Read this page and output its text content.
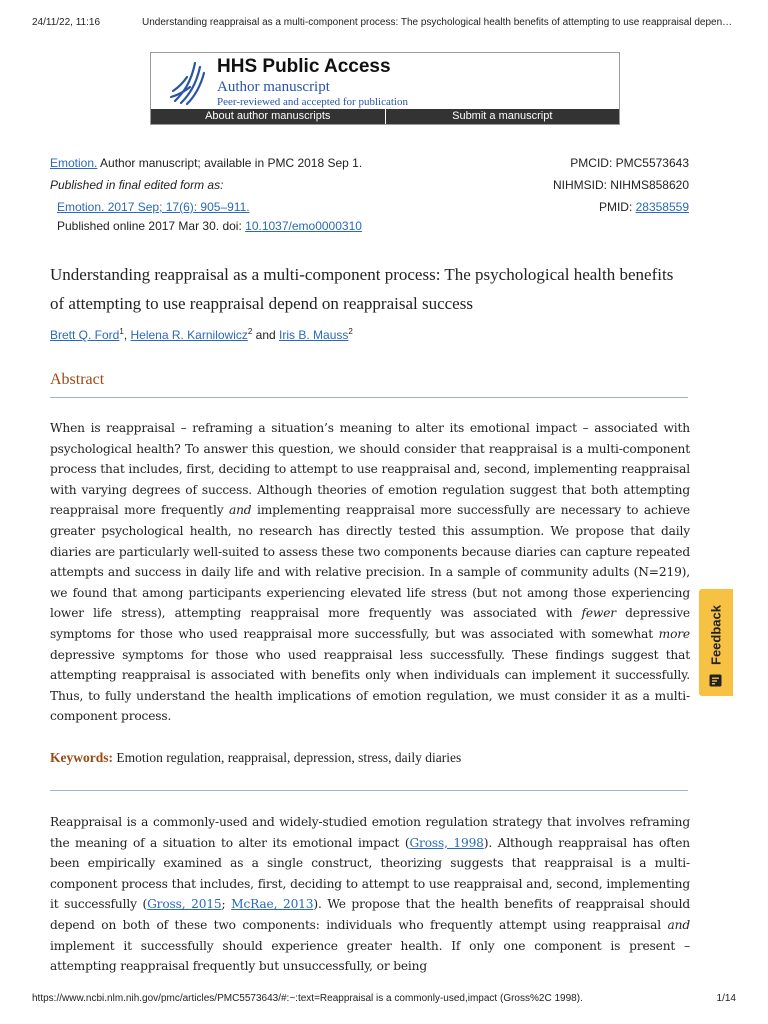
24/11/22, 11:16	Understanding reappraisal as a multi-component process: The psychological health benefits of attempting to use reappraisal depen…
HHS Public Access
Author manuscript
Peer-reviewed and accepted for publication
About author manuscripts	Submit a manuscript
Emotion. Author manuscript; available in PMC 2018 Sep 1.
Published in final edited form as:
Emotion. 2017 Sep; 17(6): 905–911.
Published online 2017 Mar 30. doi: 10.1037/emo0000310
PMCID: PMC5573643
NIHMSID: NIHMS858620
PMID: 28358559
Understanding reappraisal as a multi-component process: The psychological health benefits of attempting to use reappraisal depend on reappraisal success
Brett Q. Ford$^1$, Helena R. Karnilowicz$^2$ and Iris B. Mauss$^2$
Abstract

When is reappraisal – reframing a situation’s meaning to alter its emotional impact – associated with psychological health? To answer this question, we should consider that reappraisal is a multi-component process that includes, first, deciding to attempt to use reappraisal and, second, implementing reappraisal with varying degrees of success. Although theories of emotion regulation suggest that both attempting reappraisal more frequently and implementing reappraisal more successfully are necessary to achieve greater psychological health, no research has directly tested this assumption. We propose that daily diaries are particularly well-suited to assess these two components because diaries can capture repeated attempts and success in daily life and with relative precision. In a sample of community adults (N=219), we found that among participants experiencing elevated life stress (but not among those experiencing lower life stress), attempting reappraisal more frequently was associated with fewer depressive symptoms for those who used reappraisal more successfully, but was associated with somewhat more depressive symptoms for those who used reappraisal less successfully. These findings suggest that attempting reappraisal is associated with benefits only when individuals can implement it successfully. Thus, to fully understand the health implications of emotion regulation, we must consider it as a multi-component process.

Keywords: Emotion regulation, reappraisal, depression, stress, daily diaries

Reappraisal is a commonly-used and widely-studied emotion regulation strategy that involves reframing the meaning of a situation to alter its emotional impact (Gross, 1998). Although reappraisal has often been empirically examined as a single construct, theorizing suggests that reappraisal is a multi-component process that includes, first, deciding to attempt to use reappraisal and, second, implementing it successfully (Gross, 2015; McRae, 2013). We propose that the health benefits of reappraisal should depend on both of these two components: individuals who frequently attempt using reappraisal and implement it successfully should experience greater health. If only one component is present – attempting reappraisal frequently but unsuccessfully, or being

Feedback
https://www.ncbi.nlm.nih.gov/pmc/articles/PMC5573643/#:~:text=Reappraisal is a commonly-used,impact (Gross%2C 1998).	1/14
